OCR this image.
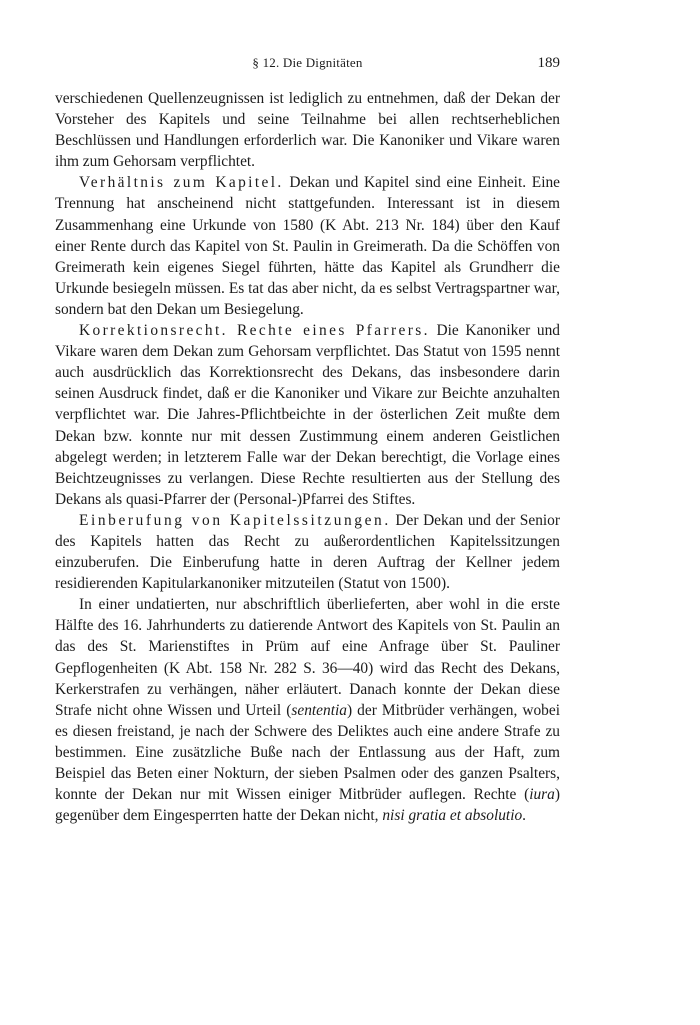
§ 12. Die Dignitäten	189

verschiedenen Quellenzeugnissen ist lediglich zu entnehmen, daß der Dekan der Vorsteher des Kapitels und seine Teilnahme bei allen rechtserheblichen Beschlüssen und Handlungen erforderlich war. Die Kanoniker und Vikare waren ihm zum Gehorsam verpflichtet.

Verhältnis zum Kapitel. Dekan und Kapitel sind eine Einheit. Eine Trennung hat anscheinend nicht stattgefunden. Interessant ist in diesem Zusammenhang eine Urkunde von 1580 (K Abt. 213 Nr. 184) über den Kauf einer Rente durch das Kapitel von St. Paulin in Greimerath. Da die Schöffen von Greimerath kein eigenes Siegel führten, hätte das Kapitel als Grundherr die Urkunde besiegeln müssen. Es tat das aber nicht, da es selbst Vertragspartner war, sondern bat den Dekan um Besiegelung.

Korrektionsrecht. Rechte eines Pfarrers. Die Kanoniker und Vikare waren dem Dekan zum Gehorsam verpflichtet. Das Statut von 1595 nennt auch ausdrücklich das Korrektionsrecht des Dekans, das insbesondere darin seinen Ausdruck findet, daß er die Kanoniker und Vikare zur Beichte anzuhalten verpflichtet war. Die Jahres-Pflichtbeichte in der österlichen Zeit mußte dem Dekan bzw. konnte nur mit dessen Zustimmung einem anderen Geistlichen abgelegt werden; in letzterem Falle war der Dekan berechtigt, die Vorlage eines Beichtzeugnisses zu verlangen. Diese Rechte resultierten aus der Stellung des Dekans als quasi-Pfarrer der (Personal-)Pfarrei des Stiftes.

Einberufung von Kapitelssitzungen. Der Dekan und der Senior des Kapitels hatten das Recht zu außerordentlichen Kapitelssitzungen einzuberufen. Die Einberufung hatte in deren Auftrag der Kellner jedem residierenden Kapitularkanoniker mitzuteilen (Statut von 1500).

In einer undatierten, nur abschriftlich überlieferten, aber wohl in die erste Hälfte des 16. Jahrhunderts zu datierende Antwort des Kapitels von St. Paulin an das des St. Marienstiftes in Prüm auf eine Anfrage über St. Pauliner Gepflogenheiten (K Abt. 158 Nr. 282 S. 36—40) wird das Recht des Dekans, Kerkerstrafen zu verhängen, näher erläutert. Danach konnte der Dekan diese Strafe nicht ohne Wissen und Urteil (sententia) der Mitbrüder verhängen, wobei es diesen freistand, je nach der Schwere des Deliktes auch eine andere Strafe zu bestimmen. Eine zusätzliche Buße nach der Entlassung aus der Haft, zum Beispiel das Beten einer Nokturn, der sieben Psalmen oder des ganzen Psalters, konnte der Dekan nur mit Wissen einiger Mitbrüder auflegen. Rechte (iura) gegenüber dem Eingesperrten hatte der Dekan nicht, nisi gratia et absolutio.
